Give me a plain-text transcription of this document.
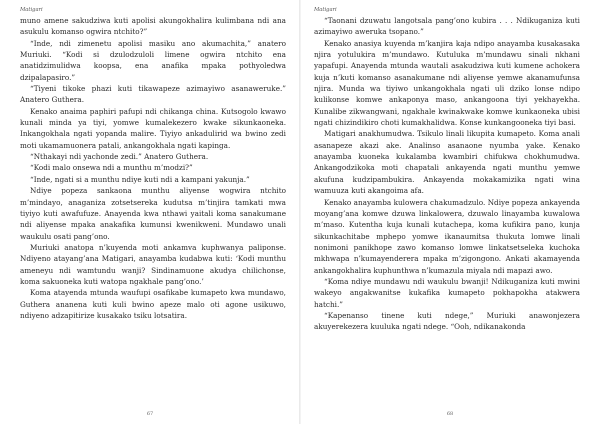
Matigari

muno amene sakudziwa kuti apolisi akungokhalira kulimbana ndi ana asukulu komanso ogwira ntchito?”

“Inde, ndi zimenetu apolisi masiku ano akumachita,” anatero Muriuki. “Kodi si dzulodzuloli limene ogwira ntchito ena anatidzimulidwa koopsa, ena anafika mpaka pothyoledwa dzipalapasiro.”

“Tiyeni tikoke phazi kuti tikawapeze azimayiwo asanaweruke.” Anatero Guthera.

Kenako anaima paphiri pafupi ndi chikanga china. Kutsogolo kwawo kunali minda ya tiyi, yomwe kumalekezero kwake sikunkaoneka. Inkangokhala ngati yopanda malire. Tiyiyo ankadulirid wa bwino zedi moti ukamamuonera patali, ankangokhala ngati kapinga.

“Nthakayi ndi yachonde zedi.” Anatero Guthera.

“Kodi malo onsewa ndi a munthu m’modzi?”

“Inde, ngati si a munthu ndiye kuti ndi a kampani yakunja.”

Ndiye popeza sankaona munthu aliyense wogwira ntchito m’mindayo, anaganiza zotsetsereka kudutsa m’tinjira tamkati mwa tiyiyo kuti awafufuze. Anayenda kwa nthawi yaitali koma sanakumane ndi aliyense mpaka anakafika kumunsi kwenikweni. Mundawo unali waukulu osati pang’ono.

Muriuki anatopa n’kuyenda moti ankamva kuphwanya paliponse. Ndiyeno atayang’ana Matigari, anayamba kudabwa kuti: ‘Kodi munthu ameneyu ndi wamtundu wanji? Sindinamuone akudya chilichonse, koma sakuoneka kuti watopa ngakhale pang’ono.’

Koma atayenda mtunda waufupi osafikabe kumapeto kwa mundawo, Guthera ananena kuti kuli bwino apeze malo oti agone usikuwo, ndiyeno adzapitirize kusakako tsiku lotsatira.

67
Matigari

“Taonani dzuwatu langotsala pang’ono kubira . . . Ndikuganiza kuti azimayiwo aweruka tsopano.”

Kenako anasiya kuyenda m’kanjira kaja ndipo anayamba kusakasaka njira yotulukira m’mundawo. Kutuluka m’mundawu sinali nkhani yapafupi. Anayenda mtunda wautali asakudziwa kuti kumene achokera kuja n’kuti komanso asanakumane ndi aliyense yemwe akanamufunsa njira. Munda wa tiyiwo unkangokhala ngati uli dziko lonse ndipo kulikonse komwe ankaponya maso, ankangoona tiyi yekhayekha. Kunalibe zikwangwani, ngakhale kwinakwake komwe kunkaoneka ubisi ngati chizindikiro choti kumakhalidwa. Konse kunkangooneka tiyi basi.

Matigari anakhumudwa. Tsikulo linali likupita kumapeto. Koma anali asanapeze akazi ake. Analinso asanaone nyumba yake. Kenako anayamba kuoneka kukalamba kwambiri chifukwa chokhumudwa. Ankangodzikoka moti chapatali ankayenda ngati munthu yemwe akufuna kudzipambukira. Ankayenda mokakamizika ngati wina wamuuza kuti akangoima afa.

Kenako anayamba kulowera chakumadzulo. Ndiye popeza ankayenda moyang’ana komwe dzuwa linkalowera, dzuwalo linayamba kuwalowa m’maso. Kutentha kuja kunali kutachepa, koma kufikira pano, kunja sikunkachitabe mphepo yomwe ikanaumitsa thukuta lomwe linali nonimoni panikhope zawo komanso lomwe linkatsetseleka kuchoka mkhwapa n’kumayenderera mpaka m’zigongono. Ankati akamayenda ankangokhalira kuphunthwa n’kumazula miyala ndi mapazi awo.

“Koma ndiye mundawu ndi waukulu bwanji! Ndikuganiza kuti mwini wakeyo angakwanitse kukafika kumapeto pokhapokha atakwera hatchi.”

“Kapenanso tinene kuti ndege,” Muriuki anawonjezera akuyerekezera kuuluka ngati ndege. “Ooh, ndikanakonda

68
